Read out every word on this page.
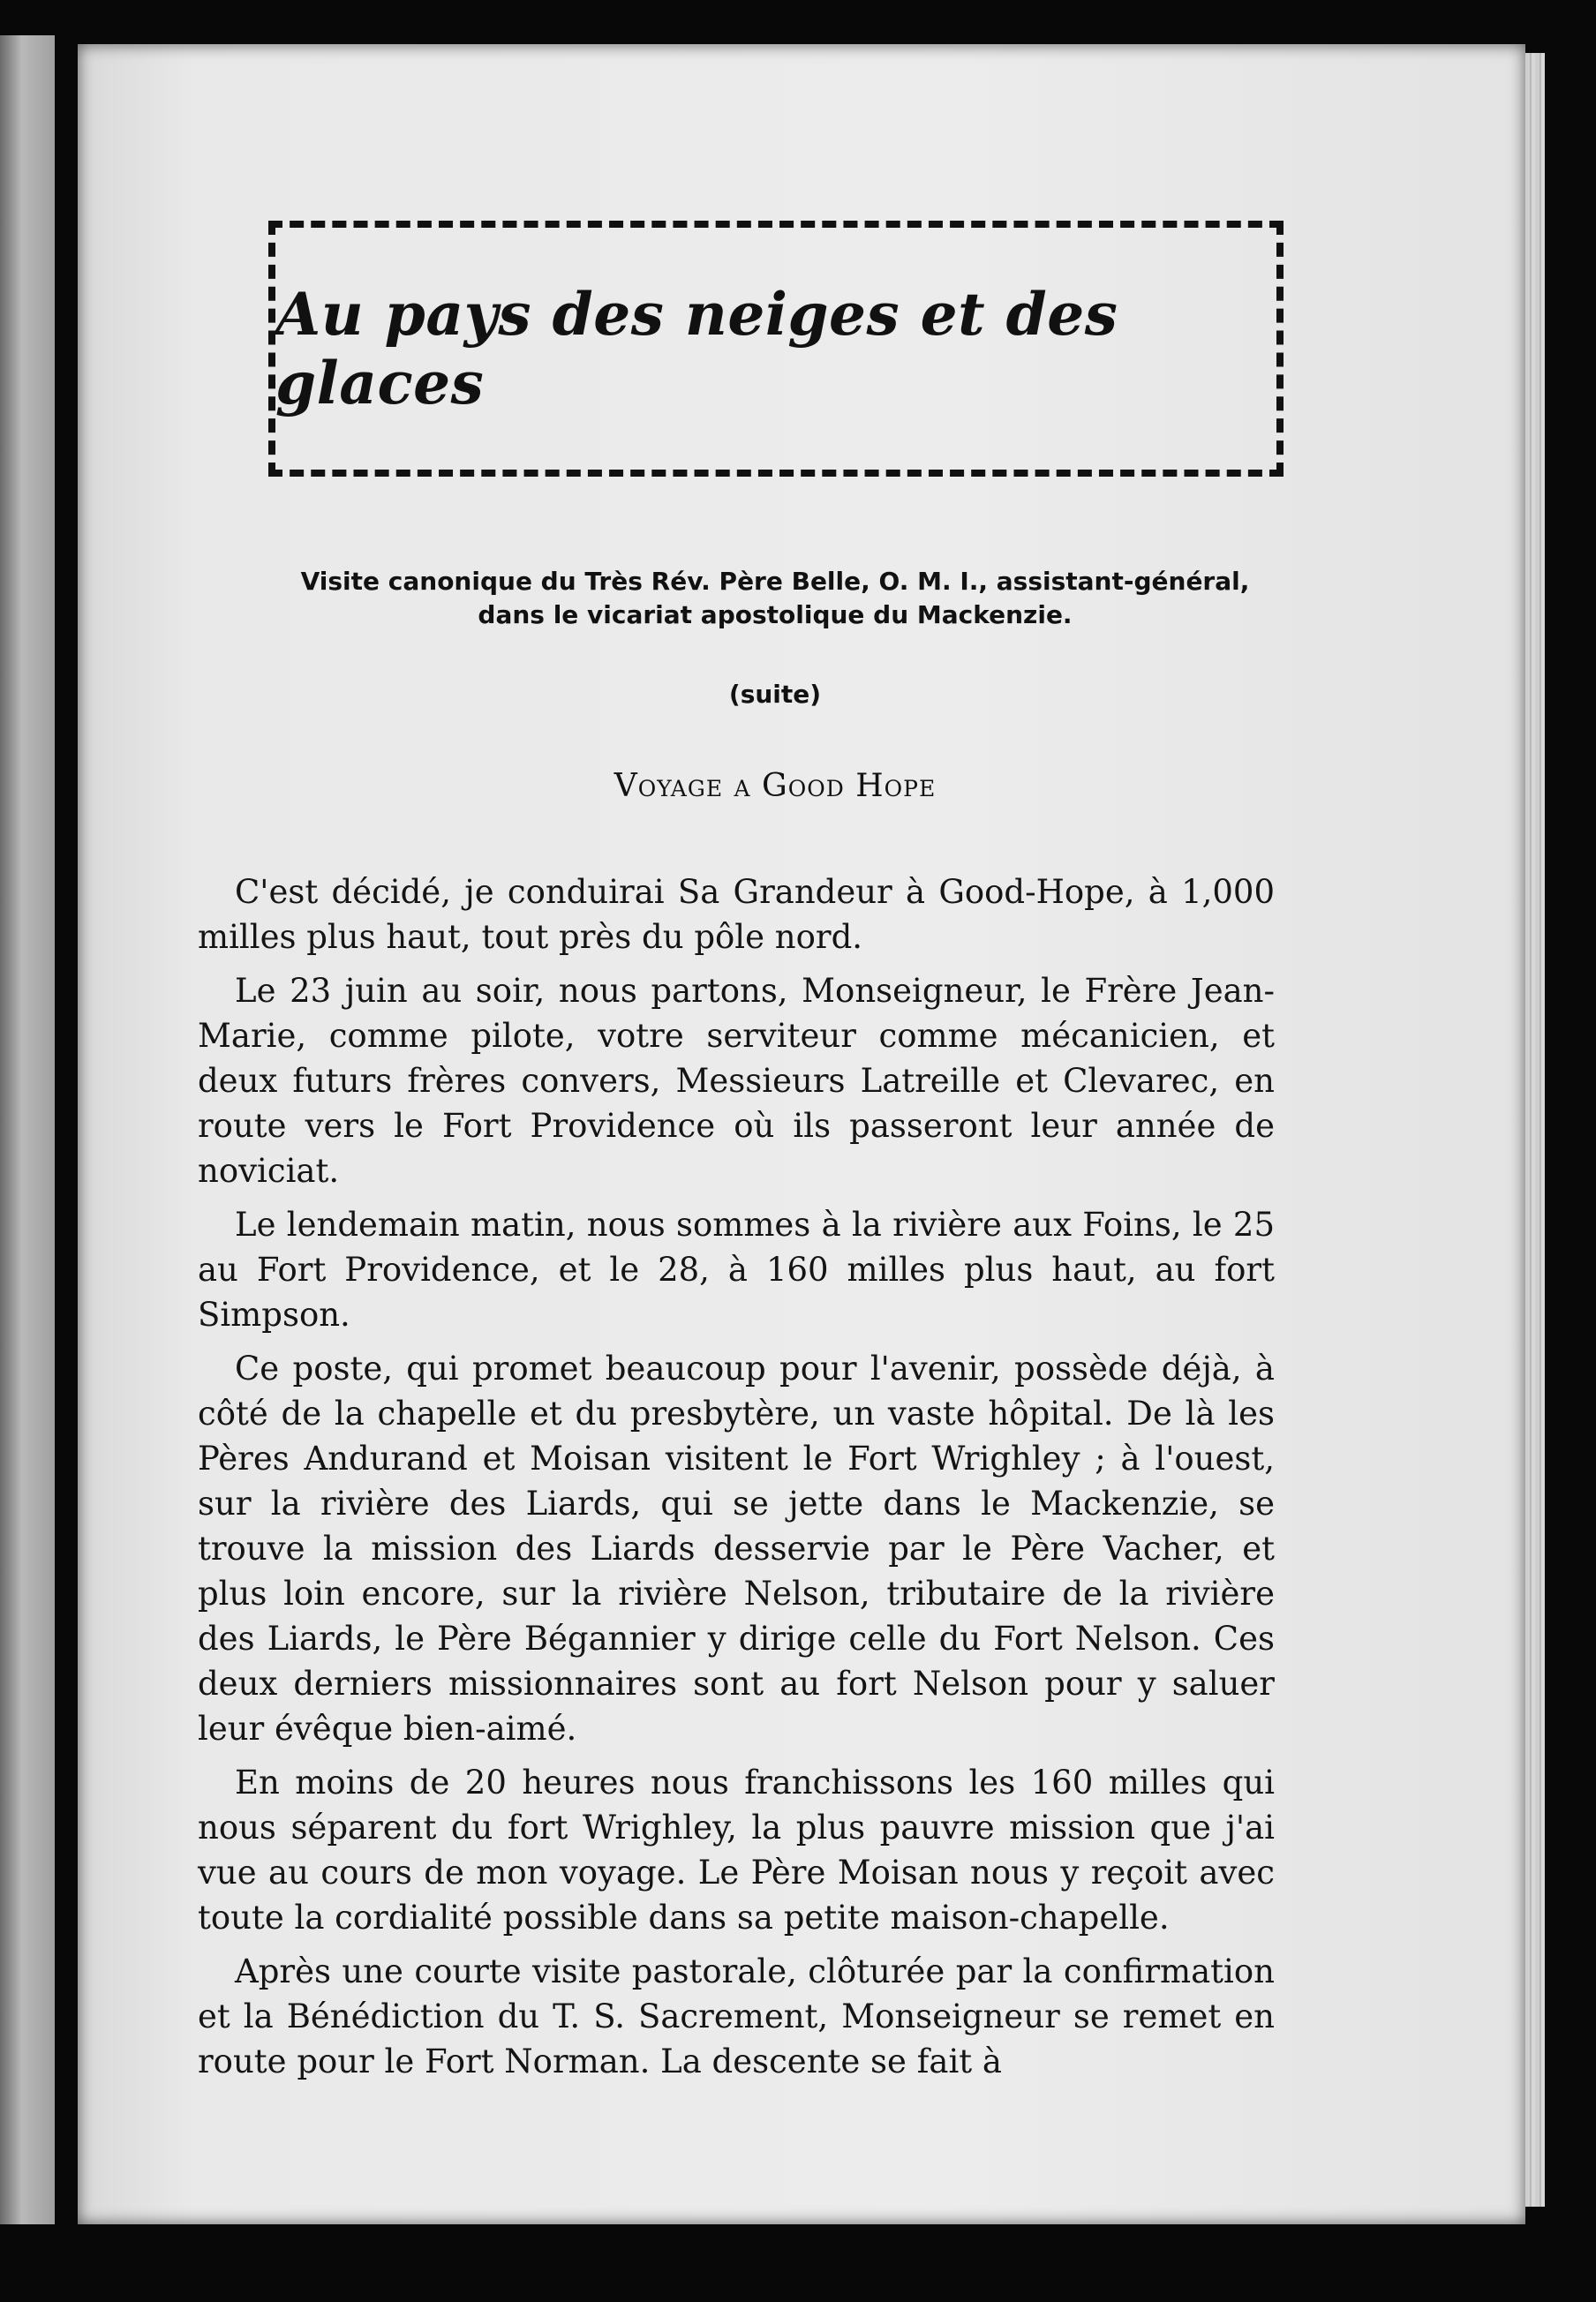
Au pays des neiges et des glaces
Visite canonique du Très Rév. Père Belle, O. M. I., assistant-général,
dans le vicariat apostolique du Mackenzie.
(suite)
Voyage a Good Hope

C'est décidé, je conduirai Sa Grandeur à Good-Hope, à 1,000 milles plus haut, tout près du pôle nord.

Le 23 juin au soir, nous partons, Monseigneur, le Frère Jean-Marie, comme pilote, votre serviteur comme mécanicien, et deux futurs frères convers, Messieurs Latreille et Clevarec, en route vers le Fort Providence où ils passeront leur année de noviciat.

Le lendemain matin, nous sommes à la rivière aux Foins, le 25 au Fort Providence, et le 28, à 160 milles plus haut, au fort Simpson.

Ce poste, qui promet beaucoup pour l'avenir, possède déjà, à côté de la chapelle et du presbytère, un vaste hôpital. De là les Pères Andurand et Moisan visitent le Fort Wrighley ; à l'ouest, sur la rivière des Liards, qui se jette dans le Mackenzie, se trouve la mission des Liards desservie par le Père Vacher, et plus loin encore, sur la rivière Nelson, tributaire de la rivière des Liards, le Père Bégannier y dirige celle du Fort Nelson. Ces deux derniers missionnaires sont au fort Nelson pour y saluer leur évêque bien-aimé.

En moins de 20 heures nous franchissons les 160 milles qui nous séparent du fort Wrighley, la plus pauvre mission que j'ai vue au cours de mon voyage. Le Père Moisan nous y reçoit avec toute la cordialité possible dans sa petite maison-chapelle.

Après une courte visite pastorale, clôturée par la confirmation et la Bénédiction du T. S. Sacrement, Monseigneur se remet en route pour le Fort Norman. La descente se fait à
